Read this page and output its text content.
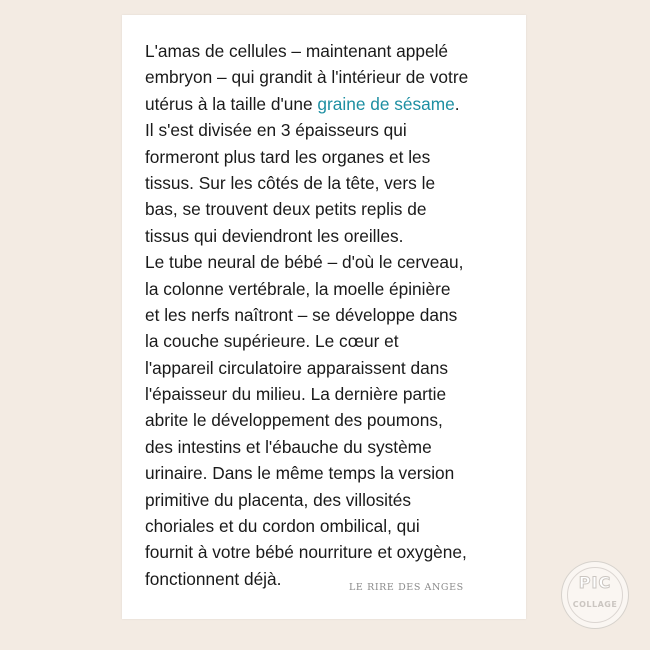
L'amas de cellules – maintenant appelé
embryon – qui grandit à l'intérieur de votre
utérus à la taille d'une graine de sésame.
Il s'est divisée en 3 épaisseurs qui
formeront plus tard les organes et les
tissus. Sur les côtés de la tête, vers le
bas, se trouvent deux petits replis de
tissus qui deviendront les oreilles.
Le tube neural de bébé – d'où le cerveau,
la colonne vertébrale, la moelle épinière
et les nerfs naîtront – se développe dans
la couche supérieure. Le cœur et
l'appareil circulatoire apparaissent dans
l'épaisseur du milieu. La dernière partie
abrite le développement des poumons,
des intestins et l'ébauche du système
urinaire. Dans le même temps la version
primitive du placenta, des villosités
choriales et du cordon ombilical, qui
fournit à votre bébé nourriture et oxygène,
fonctionnent déjà.	LE RIRE DES ANGES	PIC
COLLAGE
